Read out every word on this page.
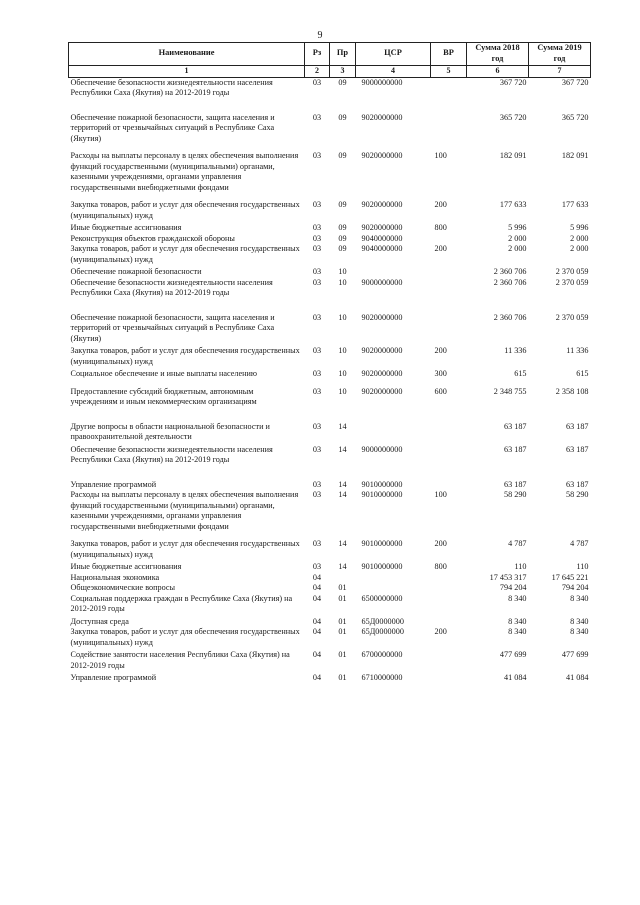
9
Наименование	Рз	Пр	ЦСР	ВР	Сумма 2018 год	Сумма 2019 год
1	2	3	4	5	6	7
Обеспечение безопасности жизнедеятельности населения Республики Саха (Якутия) на 2012-2019 годы	03	09	9000000000		367 720	367 720
Обеспечение пожарной безопасности, защита населения и территорий от чрезвычайных ситуаций в Республике Саха (Якутия)	03	09	9020000000		365 720	365 720
Расходы на выплаты персоналу в целях обеспечения выполнения функций государственными (муниципальными) органами, казенными учреждениями, органами управления государственными внебюджетными фондами	03	09	9020000000	100	182 091	182 091
Закупка товаров, работ и услуг для обеспечения государственных (муниципальных) нужд	03	09	9020000000	200	177 633	177 633
Иные бюджетные ассигнования	03	09	9020000000	800	5 996	5 996
Реконструкция объектов гражданской обороны	03	09	9040000000		2 000	2 000
Закупка товаров, работ и услуг для обеспечения государственных (муниципальных) нужд	03	09	9040000000	200	2 000	2 000
Обеспечение пожарной безопасности	03	10			2 360 706	2 370 059
Обеспечение безопасности жизнедеятельности населения Республики Саха (Якутия) на 2012-2019 годы	03	10	9000000000		2 360 706	2 370 059
Обеспечение пожарной безопасности, защита населения и территорий от чрезвычайных ситуаций в Республике Саха (Якутия)	03	10	9020000000		2 360 706	2 370 059
Закупка товаров, работ и услуг для обеспечения государственных (муниципальных) нужд	03	10	9020000000	200	11 336	11 336
Социальное обеспечение и иные выплаты населению	03	10	9020000000	300	615	615
Предоставление субсидий бюджетным, автономным учреждениям и иным некоммерческим организациям	03	10	9020000000	600	2 348 755	2 358 108
Другие вопросы в области национальной безопасности и правоохранительной деятельности	03	14			63 187	63 187
Обеспечение безопасности жизнедеятельности населения Республики Саха (Якутия) на 2012-2019 годы	03	14	9000000000		63 187	63 187
Управление программой	03	14	9010000000		63 187	63 187
Расходы на выплаты персоналу в целях обеспечения выполнения функций государственными (муниципальными) органами, казенными учреждениями, органами управления государственными внебюджетными фондами	03	14	9010000000	100	58 290	58 290
Закупка товаров, работ и услуг для обеспечения государственных (муниципальных) нужд	03	14	9010000000	200	4 787	4 787
Иные бюджетные ассигнования	03	14	9010000000	800	110	110
Национальная экономика	04				17 453 317	17 645 221
Общеэкономические вопросы	04	01			794 204	794 204
Социальная поддержка граждан в Республике Саха (Якутия) на 2012-2019 годы	04	01	6500000000		8 340	8 340
Доступная среда	04	01	65Д0000000		8 340	8 340
Закупка товаров, работ и услуг для обеспечения государственных (муниципальных) нужд	04	01	65Д0000000	200	8 340	8 340
Содействие занятости населения Республики Саха (Якутия) на 2012-2019 годы	04	01	6700000000		477 699	477 699
Управление программой	04	01	6710000000		41 084	41 084
